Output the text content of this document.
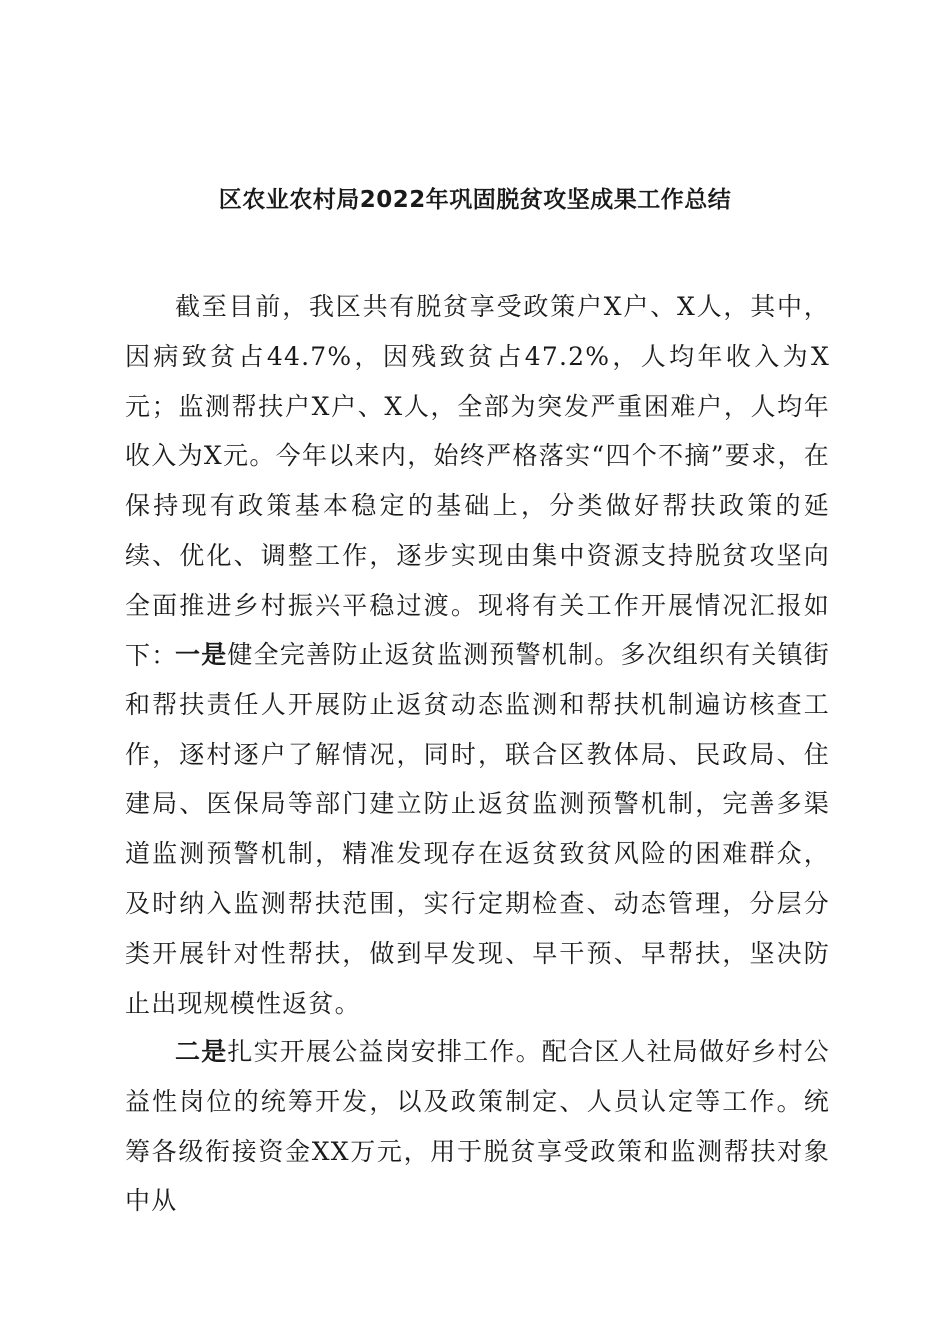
区农业农村局2022年巩固脱贫攻坚成果工作总结

截至目前，我区共有脱贫享受政策户X户、X人，其中，因病致贫占44.7%，因残致贫占47.2%，人均年收入为X元；监测帮扶户X户、X人，全部为突发严重困难户，人均年收入为X元。今年以来内，始终严格落实“四个不摘”要求，在保持现有政策基本稳定的基础上，分类做好帮扶政策的延续、优化、调整工作，逐步实现由集中资源支持脱贫攻坚向全面推进乡村振兴平稳过渡。现将有关工作开展情况汇报如下：

一是健全完善防止返贫监测预警机制。多次组织有关镇街和帮扶责任人开展防止返贫动态监测和帮扶机制遍访核查工作，逐村逐户了解情况，同时，联合区教体局、民政局、住建局、医保局等部门建立防止返贫监测预警机制，完善多渠道监测预警机制，精准发现存在返贫致贫风险的困难群众，及时纳入监测帮扶范围，实行定期检查、动态管理，分层分类开展针对性帮扶，做到早发现、早干预、早帮扶，坚决防止出现规模性返贫。

二是扎实开展公益岗安排工作。配合区人社局做好乡村公益性岗位的统筹开发，以及政策制定、人员认定等工作。统筹各级衔接资金XX万元，用于脱贫享受政策和监测帮扶对象中从
